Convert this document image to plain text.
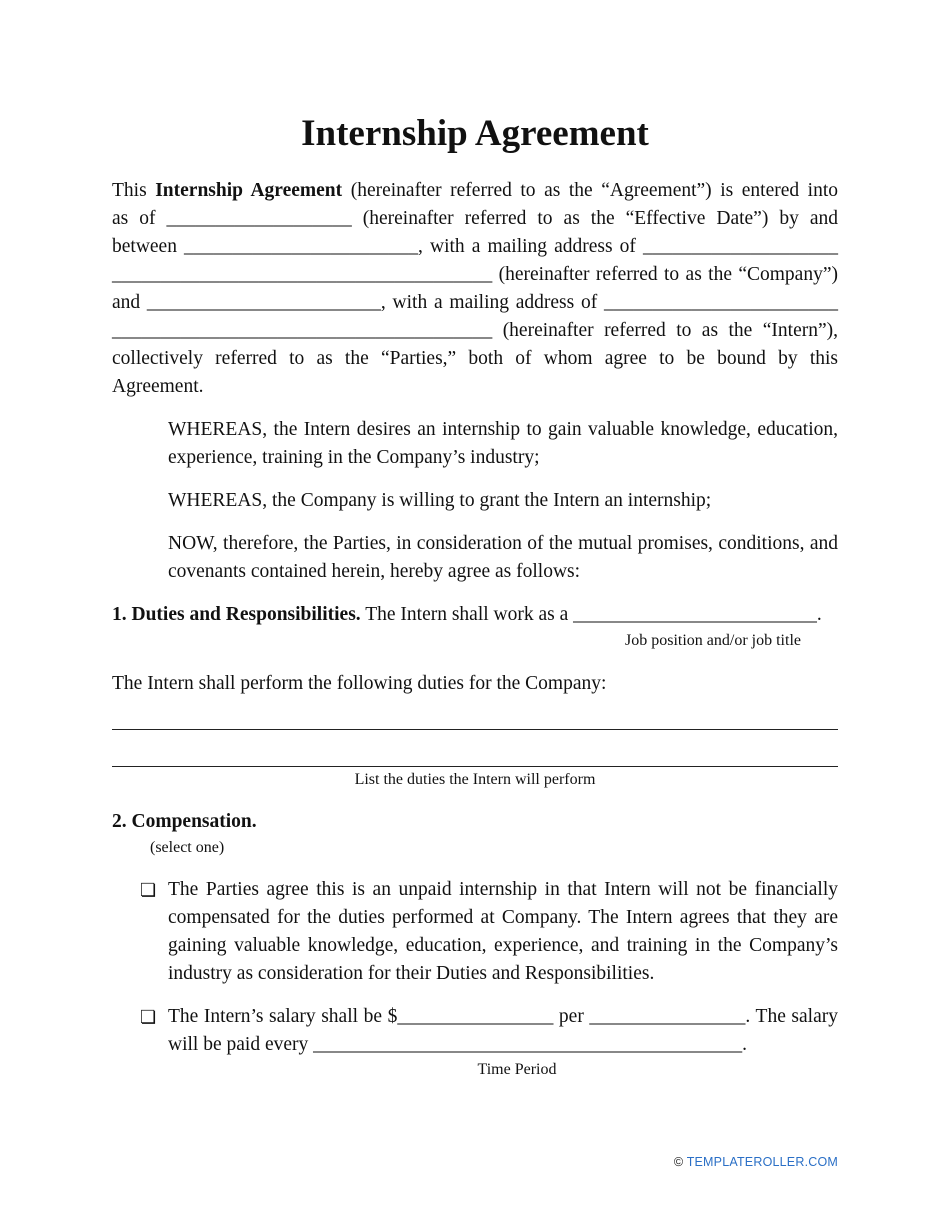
Internship Agreement
This Internship Agreement (hereinafter referred to as the “Agreement”) is entered into
as of ___________________ (hereinafter referred to as the “Effective Date”) by and
between ________________________, with a mailing address of ____________________
_______________________________________ (hereinafter referred to as the “Company”)
and ________________________, with a mailing address of ________________________
_______________________________________ (hereinafter referred to as the “Intern”),
collectively referred to as the “Parties,” both of whom agree to be bound by this
Agreement.

WHEREAS, the Intern desires an internship to gain valuable knowledge, education, experience, training in the Company’s industry;

WHEREAS, the Company is willing to grant the Intern an internship;

NOW, therefore, the Parties, in consideration of the mutual promises, conditions, and covenants contained herein, hereby agree as follows:

1. Duties and Responsibilities. The Intern shall work as a _________________________.

Job position and/or job title

The Intern shall perform the following duties for the Company:

List the duties the Intern will perform

2. Compensation.

(select one)

❏ The Parties agree this is an unpaid internship in that Intern will not be financially compensated for the duties performed at Company. The Intern agrees that they are gaining valuable knowledge, education, experience, and training in the Company’s industry as consideration for their Duties and Responsibilities.
❏ The Intern’s salary shall be $________________ per ________________. The salary
will be paid every ____________________________________________.

Time Period

© TEMPLATEROLLER.COM
